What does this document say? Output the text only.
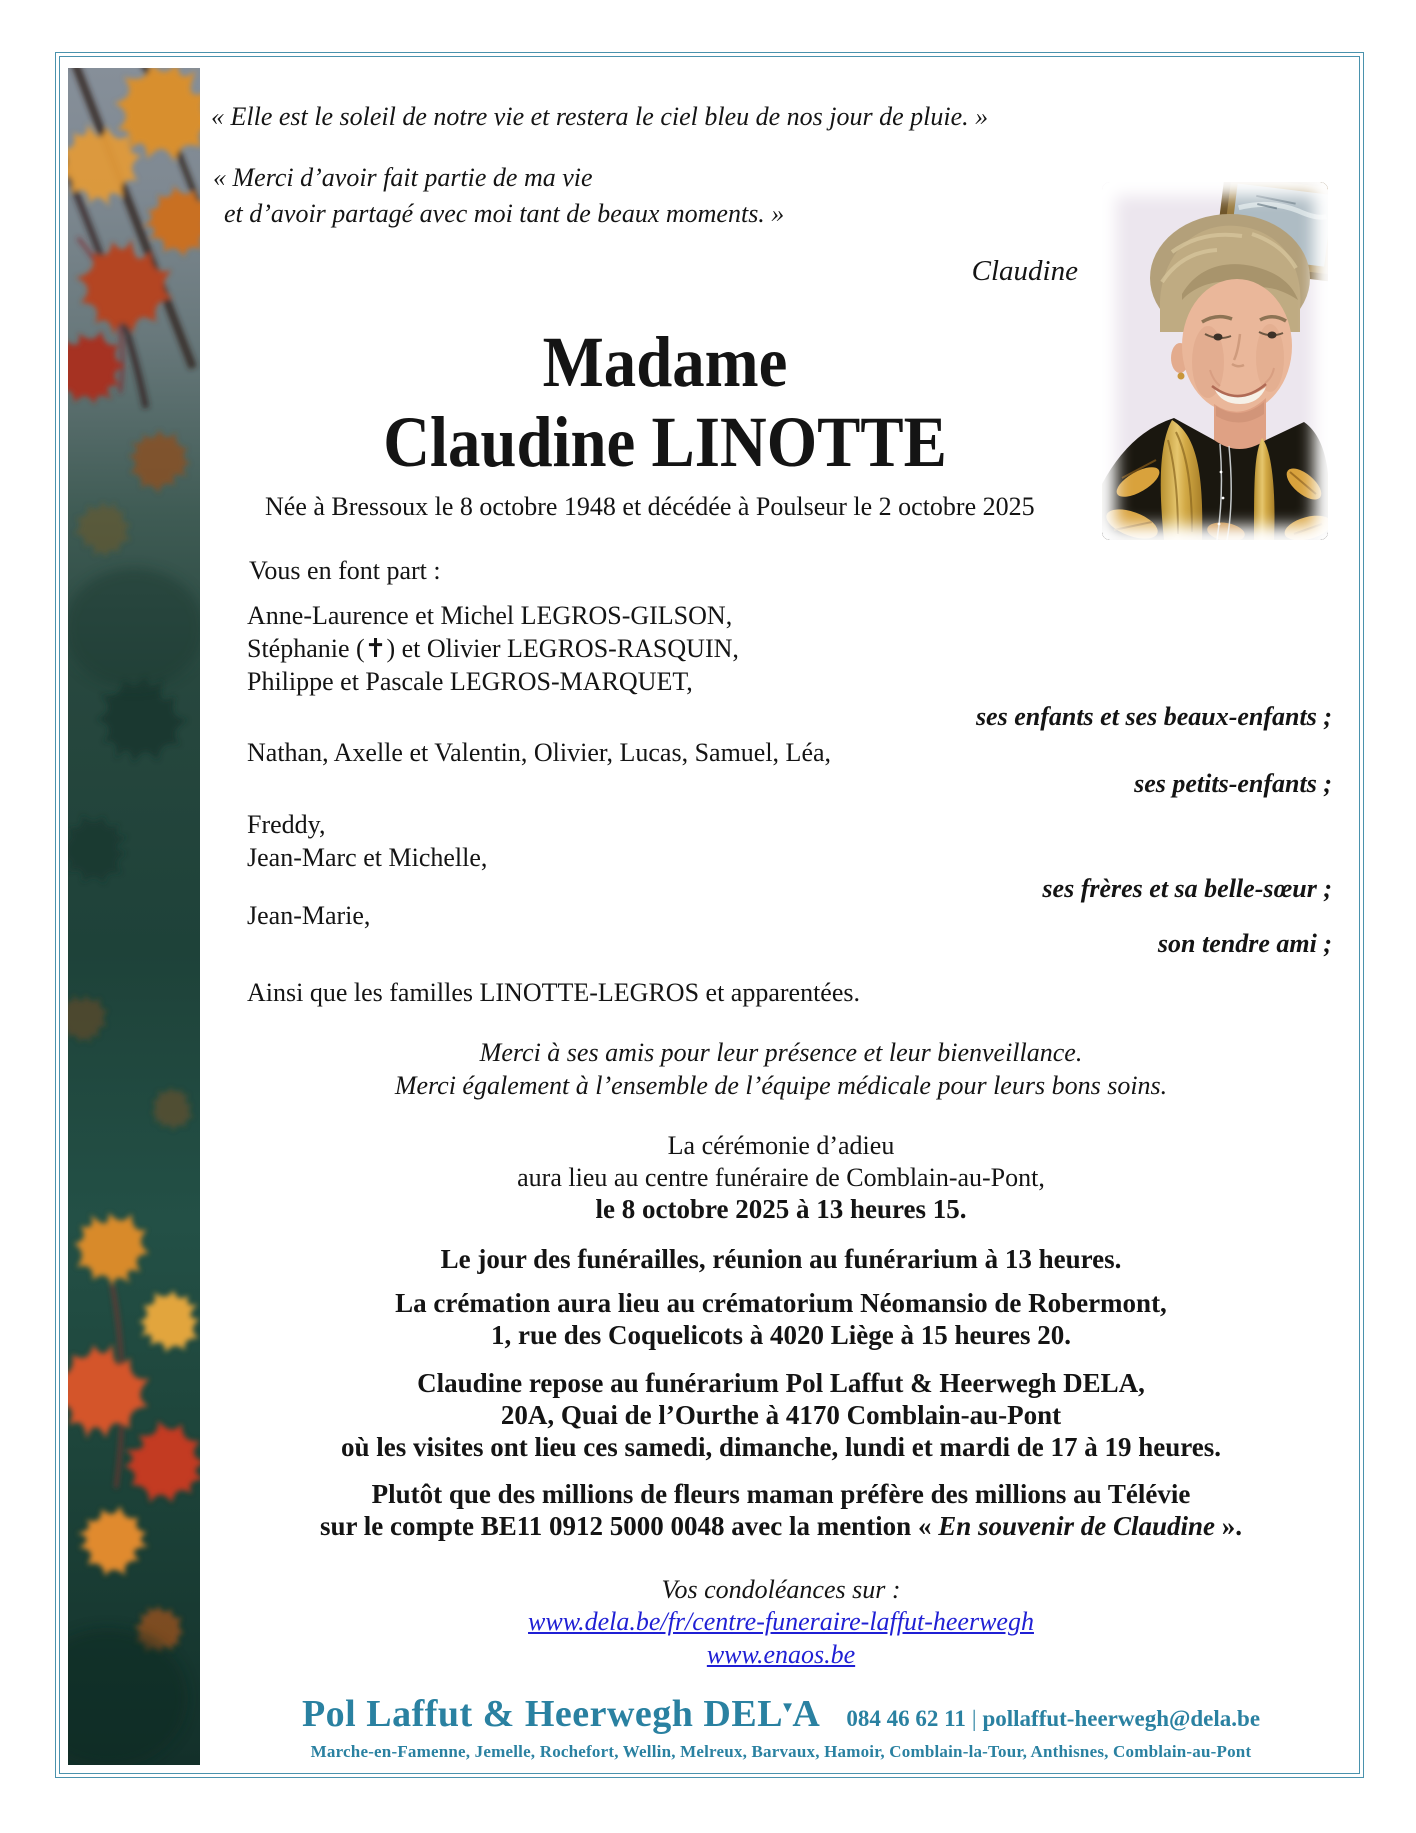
« Elle est le soleil de notre vie et restera le ciel bleu de nos jour de pluie. »
« Merci d’avoir fait partie de ma vie
et d’avoir partagé avec moi tant de beaux moments. »
Claudine
Madame
Claudine LINOTTE
Née à Bressoux le 8 octobre 1948 et décédée à Poulseur le 2 octobre 2025
Vous en font part :
Anne-Laurence et Michel LEGROS-GILSON,
Stéphanie (✝) et Olivier LEGROS-RASQUIN,
Philippe et Pascale LEGROS-MARQUET,
ses enfants et ses beaux-enfants ;
Nathan, Axelle et Valentin, Olivier, Lucas, Samuel, Léa,
ses petits-enfants ;
Freddy,
Jean-Marc et Michelle,
ses frères et sa belle-sœur ;
Jean-Marie,
son tendre ami ;
Ainsi que les familles LINOTTE-LEGROS et apparentées.
Merci à ses amis pour leur présence et leur bienveillance.
Merci également à l’ensemble de l’équipe médicale pour leurs bons soins.
La cérémonie d’adieu
aura lieu au centre funéraire de Comblain-au-Pont,
le 8 octobre 2025 à 13 heures 15.
Le jour des funérailles, réunion au funérarium à 13 heures.
La crémation aura lieu au crématorium Néomansio de Robermont,
1, rue des Coquelicots à 4020 Liège à 15 heures 20.
Claudine repose au funérarium Pol Laffut & Heerwegh DELA,
20A, Quai de l’Ourthe à 4170 Comblain-au-Pont
où les visites ont lieu ces samedi, dimanche, lundi et mardi de 17 à 19 heures.
Plutôt que des millions de fleurs maman préfère des millions au Télévie
sur le compte BE11 0912 5000 0048 avec la mention « En souvenir de Claudine ».
Vos condoléances sur :
www.dela.be/fr/centre-funeraire-laffut-heerwegh
www.enaos.be
Pol Laffut & Heerwegh DEL▼A 084 46 62 11 | pollaffut-heerwegh@dela.be
Marche-en-Famenne, Jemelle, Rochefort, Wellin, Melreux, Barvaux, Hamoir, Comblain-la-Tour, Anthisnes, Comblain-au-Pont
